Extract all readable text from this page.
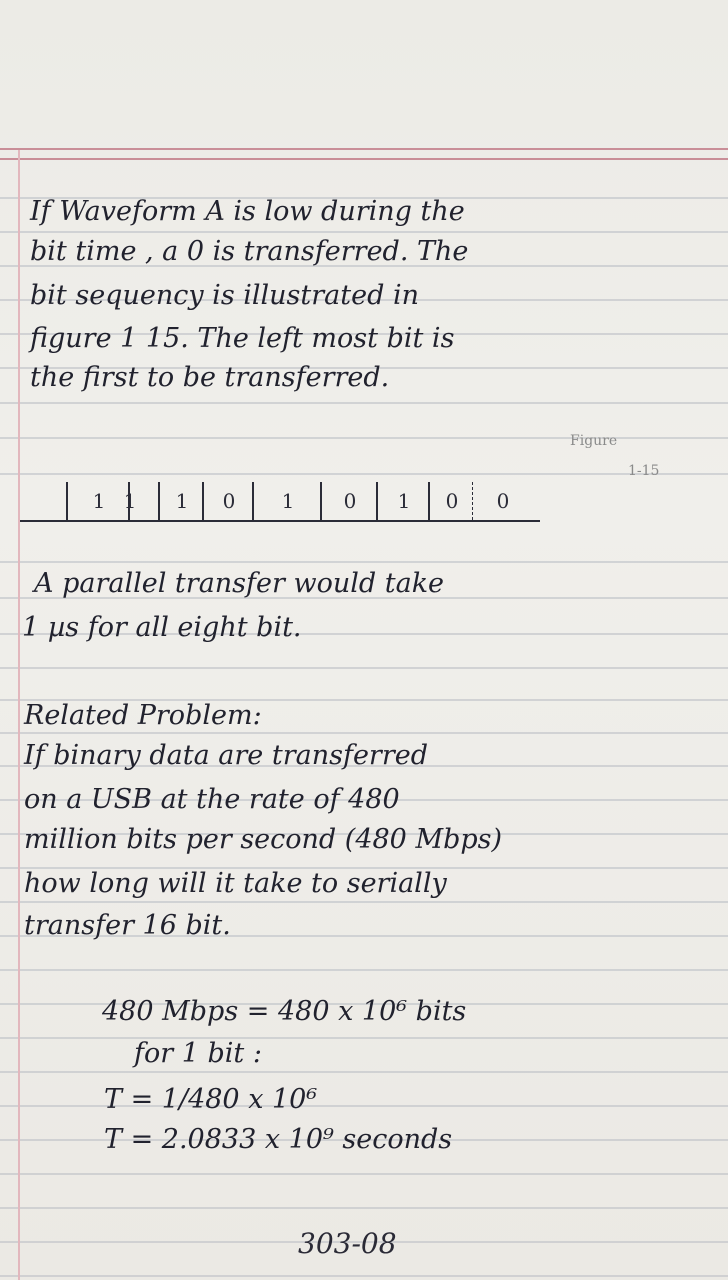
If Waveform A is low during the
bit time , a 0 is transferred. The
bit sequency is illustrated in
figure 1 15. The left most bit is
the first to be transferred.
Figure
1-15
1 1	1	0	1	0	1	0	0
A parallel transfer would take
1 µs for all eight bit.
Related Problem:
If binary data are transferred
on a USB at the rate of 480
million bits per second (480 Mbps)
how long will it take to serially
transfer 16 bit.
480 Mbps = 480 x 10⁶ bits
for 1 bit :
T = 1/480 x 10⁶
T = 2.0833 x 10⁹ seconds
303-08
